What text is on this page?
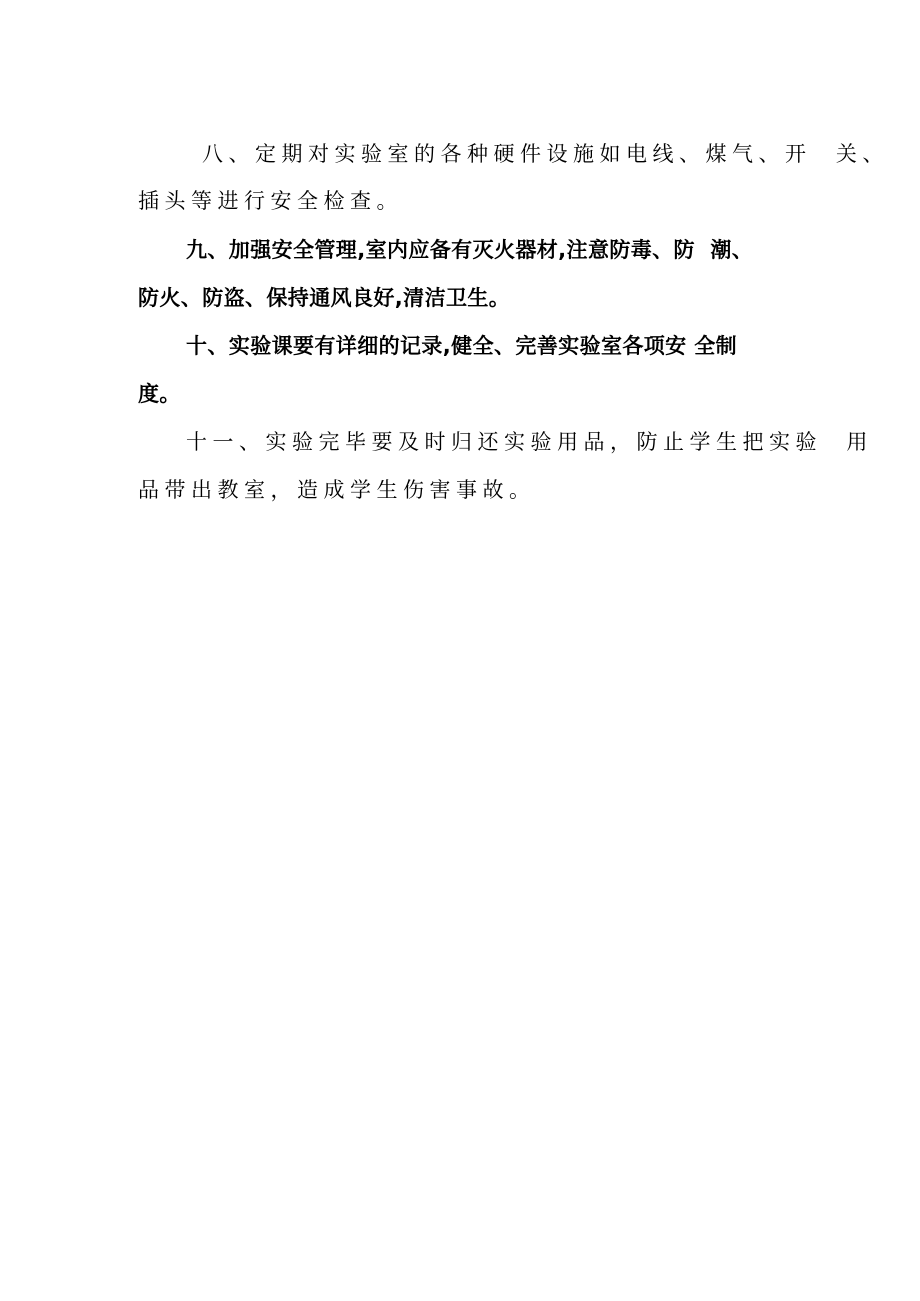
八、定期对实验室的各种硬件设施如电线、煤气、开  关、
插头等进行安全检查。
九、加强安全管理,室内应备有灭火器材,注意防毒、防  潮、
防火、防盗、保持通风良好,清洁卫生。
十、实验课要有详细的记录,健全、完善实验室各项安 全制
度。
十一、实验完毕要及时归还实验用品，防止学生把实验  用
品带出教室，造成学生伤害事故。
